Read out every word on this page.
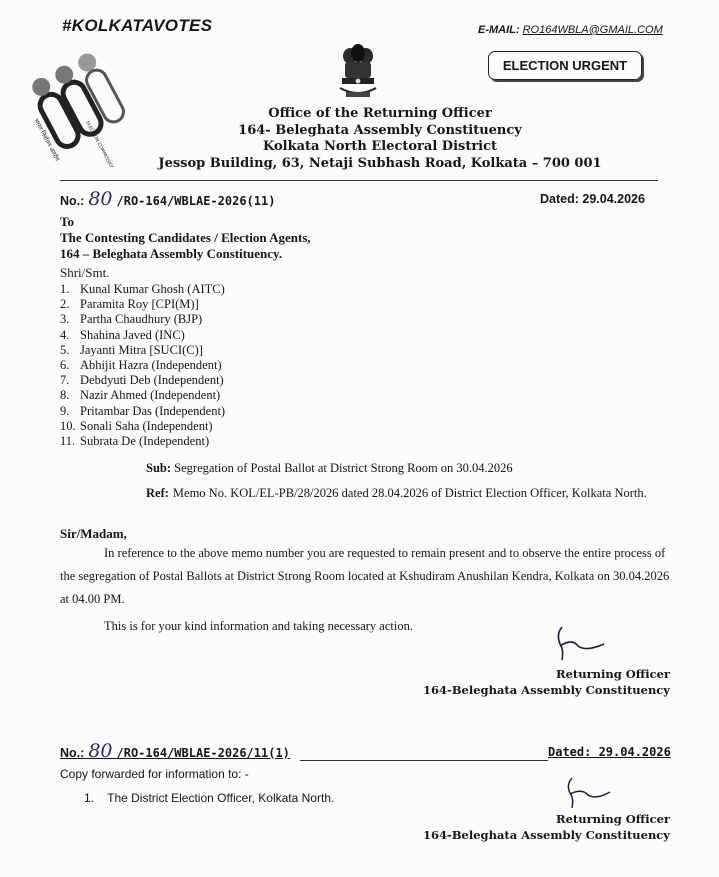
#KOLKATAVOTES	E-MAIL: RO164WBLA@GMAIL.COM
ELECTION URGENT
भारत निर्वाचन आयोग	ELECTION COMMISSION OF INDIA
Office of the Returning Officer
164- Beleghata Assembly Constituency
Kolkata North Electoral District
Jessop Building, 63, Netaji Subhash Road, Kolkata – 700 001
No.: 80 /RO-164/WBLAE-2026(11)	Dated: 29.04.2026
To
The Contesting Candidates / Election Agents,
164 – Beleghata Assembly Constituency.
Shri/Smt.
1. Kunal Kumar Ghosh (AITC)
2. Paramita Roy [CPI(M)]
3. Partha Chaudhury (BJP)
4. Shahina Javed (INC)
5. Jayanti Mitra [SUCI(C)]
6. Abhijit Hazra (Independent)
7. Debdyuti Deb (Independent)
8. Nazir Ahmed (Independent)
9. Pritambar Das (Independent)
10. Sonali Saha (Independent)
11. Subrata De (Independent)
Sub: Segregation of Postal Ballot at District Strong Room on 30.04.2026
Ref: Memo No. KOL/EL-PB/28/2026 dated 28.04.2026 of District Election Officer, Kolkata North.
Sir/Madam,
In reference to the above memo number you are requested to remain present and to observe the entire process of the segregation of Postal Ballots at District Strong Room located at Kshudiram Anushilan Kendra, Kolkata on 30.04.2026 at 04.00 PM.
This is for your kind information and taking necessary action.
Returning Officer
164-Beleghata Assembly Constituency
No.: 80 /RO-164/WBLAE-2026/11(1)	Dated: 29.04.2026
Copy forwarded for information to: -
1. The District Election Officer, Kolkata North.
Returning Officer
164-Beleghata Assembly Constituency
